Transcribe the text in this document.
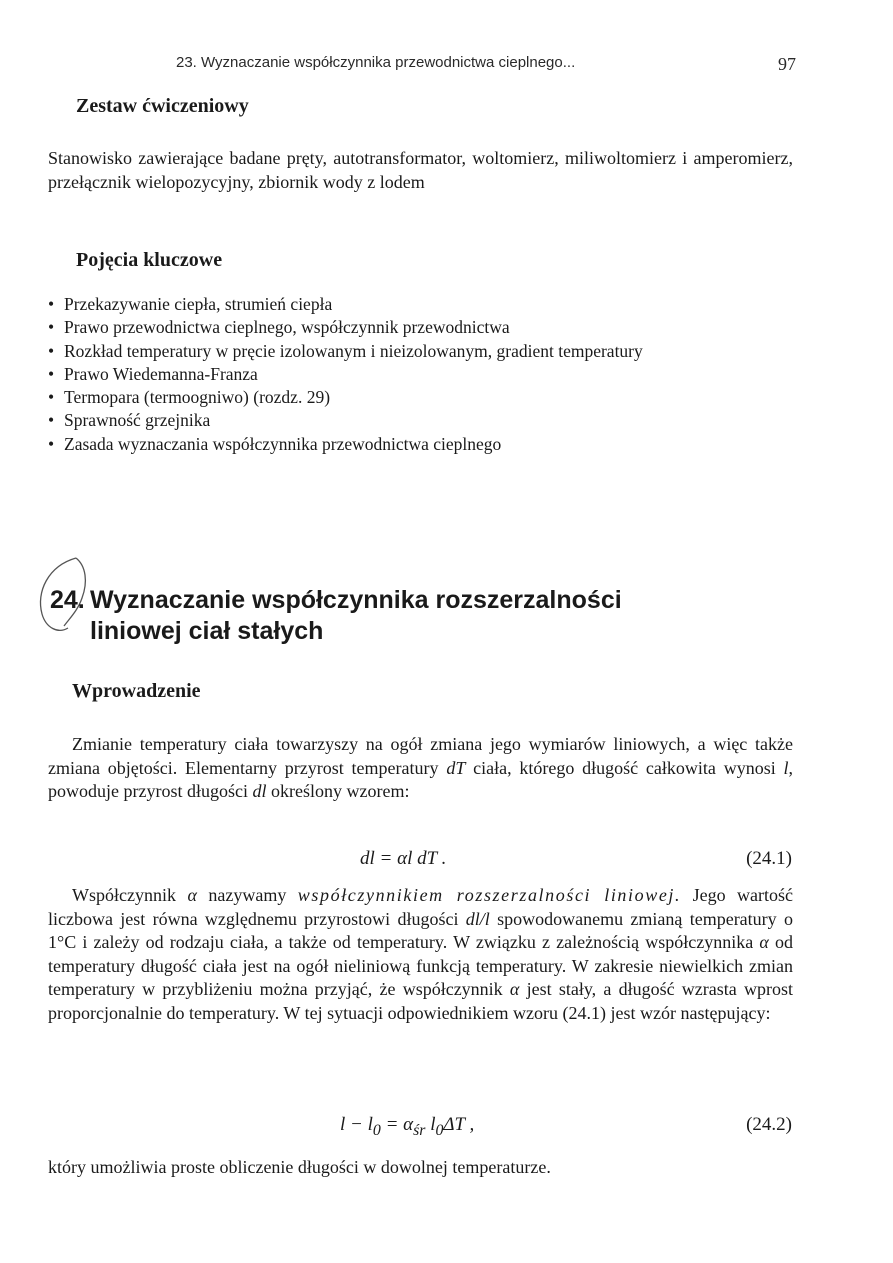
23. Wyznaczanie współczynnika przewodnictwa cieplnego...	97
Zestaw ćwiczeniowy

Stanowisko zawierające badane pręty, autotransformator, woltomierz, miliwoltomierz i amperomierz, przełącznik wielopozycyjny, zbiornik wody z lodem

Pojęcia kluczowe
• Przekazywanie ciepła, strumień ciepła
• Prawo przewodnictwa cieplnego, współczynnik przewodnictwa
• Rozkład temperatury w pręcie izolowanym i nieizolowanym, gradient temperatury
• Prawo Wiedemanna-Franza
• Termopara (termoogniwo) (rozdz. 29)
• Sprawność grzejnika
• Zasada wyznaczania współczynnika przewodnictwa cieplnego
24. Wyznaczanie współczynnika rozszerzalności
liniowej ciał stałych
Wprowadzenie

Zmianie temperatury ciała towarzyszy na ogół zmiana jego wymiarów liniowych, a więc także zmiana objętości. Elementarny przyrost temperatury dT ciała, którego długość całkowita wynosi l, powoduje przyrost długości dl określony wzorem:

dl = αl dT .	(24.1)

Współczynnik α nazywamy współczynnikiem rozszerzalności liniowej. Jego wartość liczbowa jest równa względnemu przyrostowi długości dl/l spowodowanemu zmianą temperatury o 1°C i zależy od rodzaju ciała, a także od temperatury. W związku z zależnością współczynnika α od temperatury długość ciała jest na ogół nieliniową funkcją temperatury. W zakresie niewielkich zmian temperatury w przybliżeniu można przyjąć, że współczynnik α jest stały, a długość wzrasta wprost proporcjonalnie do temperatury. W tej sytuacji odpowiednikiem wzoru (24.1) jest wzór następujący:

$l - l_0 = \alpha_{śr}$ $l_0\Delta T$ ,	(24.2)

który umożliwia proste obliczenie długości w dowolnej temperaturze.
